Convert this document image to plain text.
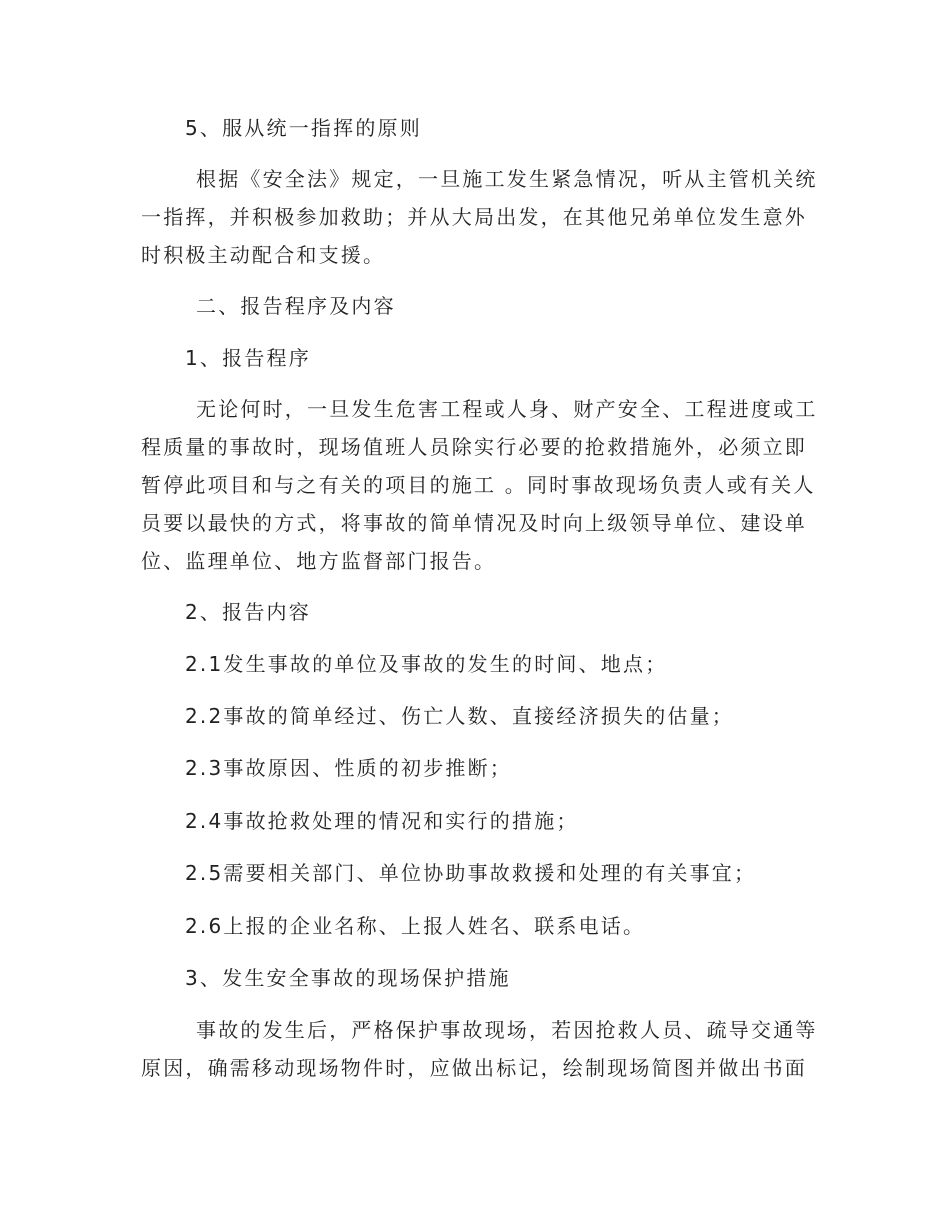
5、服从统一指挥的原则
根据《安全法》规定，一旦施工发生紧急情况，听从主管机关统
一指挥，并积极参加救助；并从大局出发，在其他兄弟单位发生意外
时积极主动配合和支援。
二、报告程序及内容
1、报告程序
无论何时，一旦发生危害工程或人身、财产安全、工程进度或工
程质量的事故时，现场值班人员除实行必要的抢救措施外，必须立即
暂停此项目和与之有关的项目的施工 。同时事故现场负责人或有关人
员要以最快的方式，将事故的简单情况及时向上级领导单位、建设单
位、监理单位、地方监督部门报告。
2、报告内容
2.1发生事故的单位及事故的发生的时间、地点；
2.2事故的简单经过、伤亡人数、直接经济损失的估量；
2.3事故原因、性质的初步推断；
2.4事故抢救处理的情况和实行的措施；
2.5需要相关部门、单位协助事故救援和处理的有关事宜；
2.6上报的企业名称、上报人姓名、联系电话。
3、发生安全事故的现场保护措施
事故的发生后，严格保护事故现场，若因抢救人员、疏导交通等
原因，确需移动现场物件时，应做出标记，绘制现场简图并做出书面
